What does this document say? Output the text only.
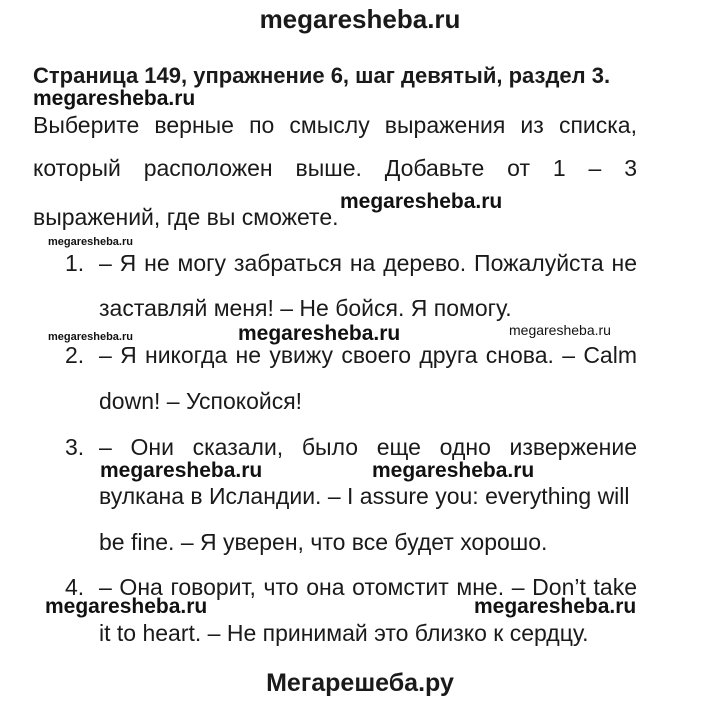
megaresheba.ru
Мегарешеба.ру
Страница 149, упражнение 6, шаг девятый, раздел 3.
Выберите верные по смыслу выражения из списка,
который расположен выше. Добавьте от 1 – 3
выражений, где вы сможете.
1. – Я не могу забраться на дерево. Пожалуйста не
заставляй меня! – Не бойся. Я помогу.
2. – Я никогда не увижу своего друга снова. – Calm
down! – Успокойся!
3. – Они сказали, было еще одно извержение
вулкана в Исландии. – I assure you: everything will
be fine. – Я уверен, что все будет хорошо.
4. – Она говорит, что она отомстит мне. – Don’t take
it to heart. – Не принимай это близко к сердцу.
megaresheba.ru
megaresheba.ru
megaresheba.ru
megaresheba.ru	megaresheba.ru	megaresheba.ru
megaresheba.ru	megaresheba.ru
megaresheba.ru	megaresheba.ru
